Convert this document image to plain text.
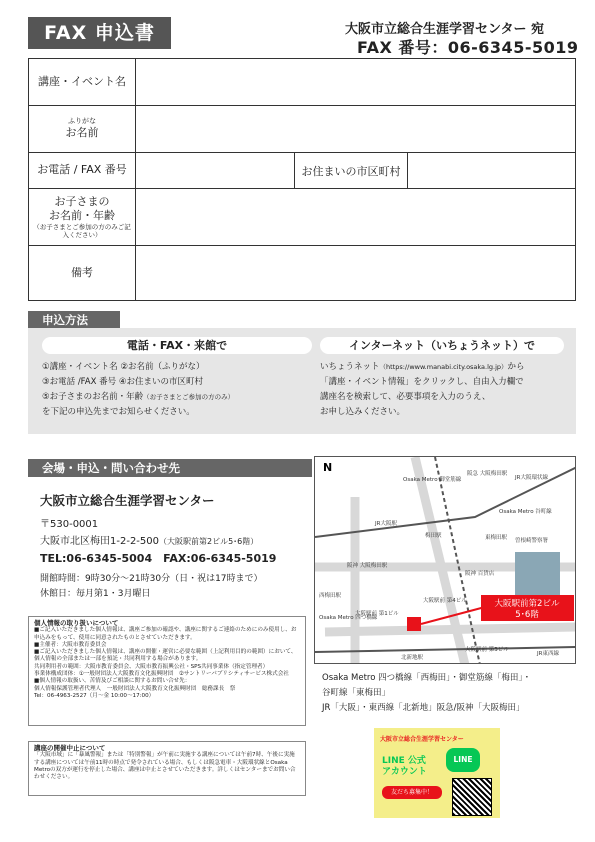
FAX 申込書	大阪市立総合生涯学習センター 宛
FAX 番号：06-6345-5019
講座・イベント名
ふりがな
お名前
お電話 / FAX 番号	お住まいの市区町村
お子さまの
お名前・年齢
（お子さまとご参加の方のみご記入ください）
備考
申込方法
電話・FAX・来館で	インターネット（いちょうネット）で
①講座・イベント名 ②お名前（ふりがな）
③お電話 /FAX 番号 ④お住まいの市区町村
⑤お子さまのお名前・年齢（お子さまとご参加の方のみ）
を下記の申込先までお知らせください。
いちょうネット（https://www.manabi.city.osaka.lg.jp）から
「講座・イベント情報」をクリックし、自由入力欄で
講座名を検索して、必要事項を入力のうえ、
お申し込みください。
会場・申込・問い合わせ先
大阪市立総合生涯学習センター
〒530-0001
大阪市北区梅田1-2-2-500（大阪駅前第2ビル5･6階）
TEL:06-6345-5004　FAX:06-6345-5019
開館時間：9時30分〜21時30分（日・祝は17時まで）
休館日：毎月第1・3月曜日
大阪駅前第2ビル
5･6階
N
Osaka Metro 御堂筋線
阪急 大阪梅田駅
JR大阪環状線
Osaka Metro 谷町線
JR大阪駅
梅田駅	東梅田駅 曽根崎警察署
阪神 大阪梅田駅
阪神 百貨店
大阪駅前 第4ビル
大阪駅前 第1ビル
Osaka Metro 四つ橋線
西梅田駅
北新地駅
大阪駅前 第3ビル
JR東西線
Osaka Metro 四つ橋線「西梅田」・御堂筋線「梅田」・
谷町線「東梅田」
JR「大阪」・東西線「北新地」阪急/阪神「大阪梅田」
個人情報の取り扱いについて
■ご記入いただきました個人情報は、講座ご参加の確認や、講座に関するご連絡のためにのみ使用し、お申込みをもって、使用に同意されたものとさせていただきます。
■主催者：大阪市教育委員会
■ご記入いただきました個人情報は、講座の開催・運営に必要な範囲（上記利用目的の範囲）において、個人情報の全部または一部を預託・共同利用する場合があります。
共同利用者の範囲：大阪市教育委員会、大阪市教育振興公社・SPS共同事業体（指定管理者）
事業体構成団体：①一般財団法人大阪教育文化振興財団　②サントリーパブリシティサービス株式会社
■個人情報の取扱い、苦情及びご相談に関するお問い合せ先：
個人情報保護管理者代理人　一般財団法人大阪教育文化振興財団　総務課長　祭
Tel：06-4963-2527（月〜金 10:00〜17:00）
講座の開催中止について
「大阪市域」に「暴風警報」または「特別警報」が午前に実施する講座については午前7時、午後に実施する講座については午前11時の時点で発令されている場合、もしくは阪急電車・大阪環状線とOsaka Metroの双方が運行を停止した場合、講座は中止とさせていただきます。詳しくはセンターまでお問い合わせください。
大阪市立総合生涯学習センター
LINE 公式アカウント
LINE
友だち募集中！
